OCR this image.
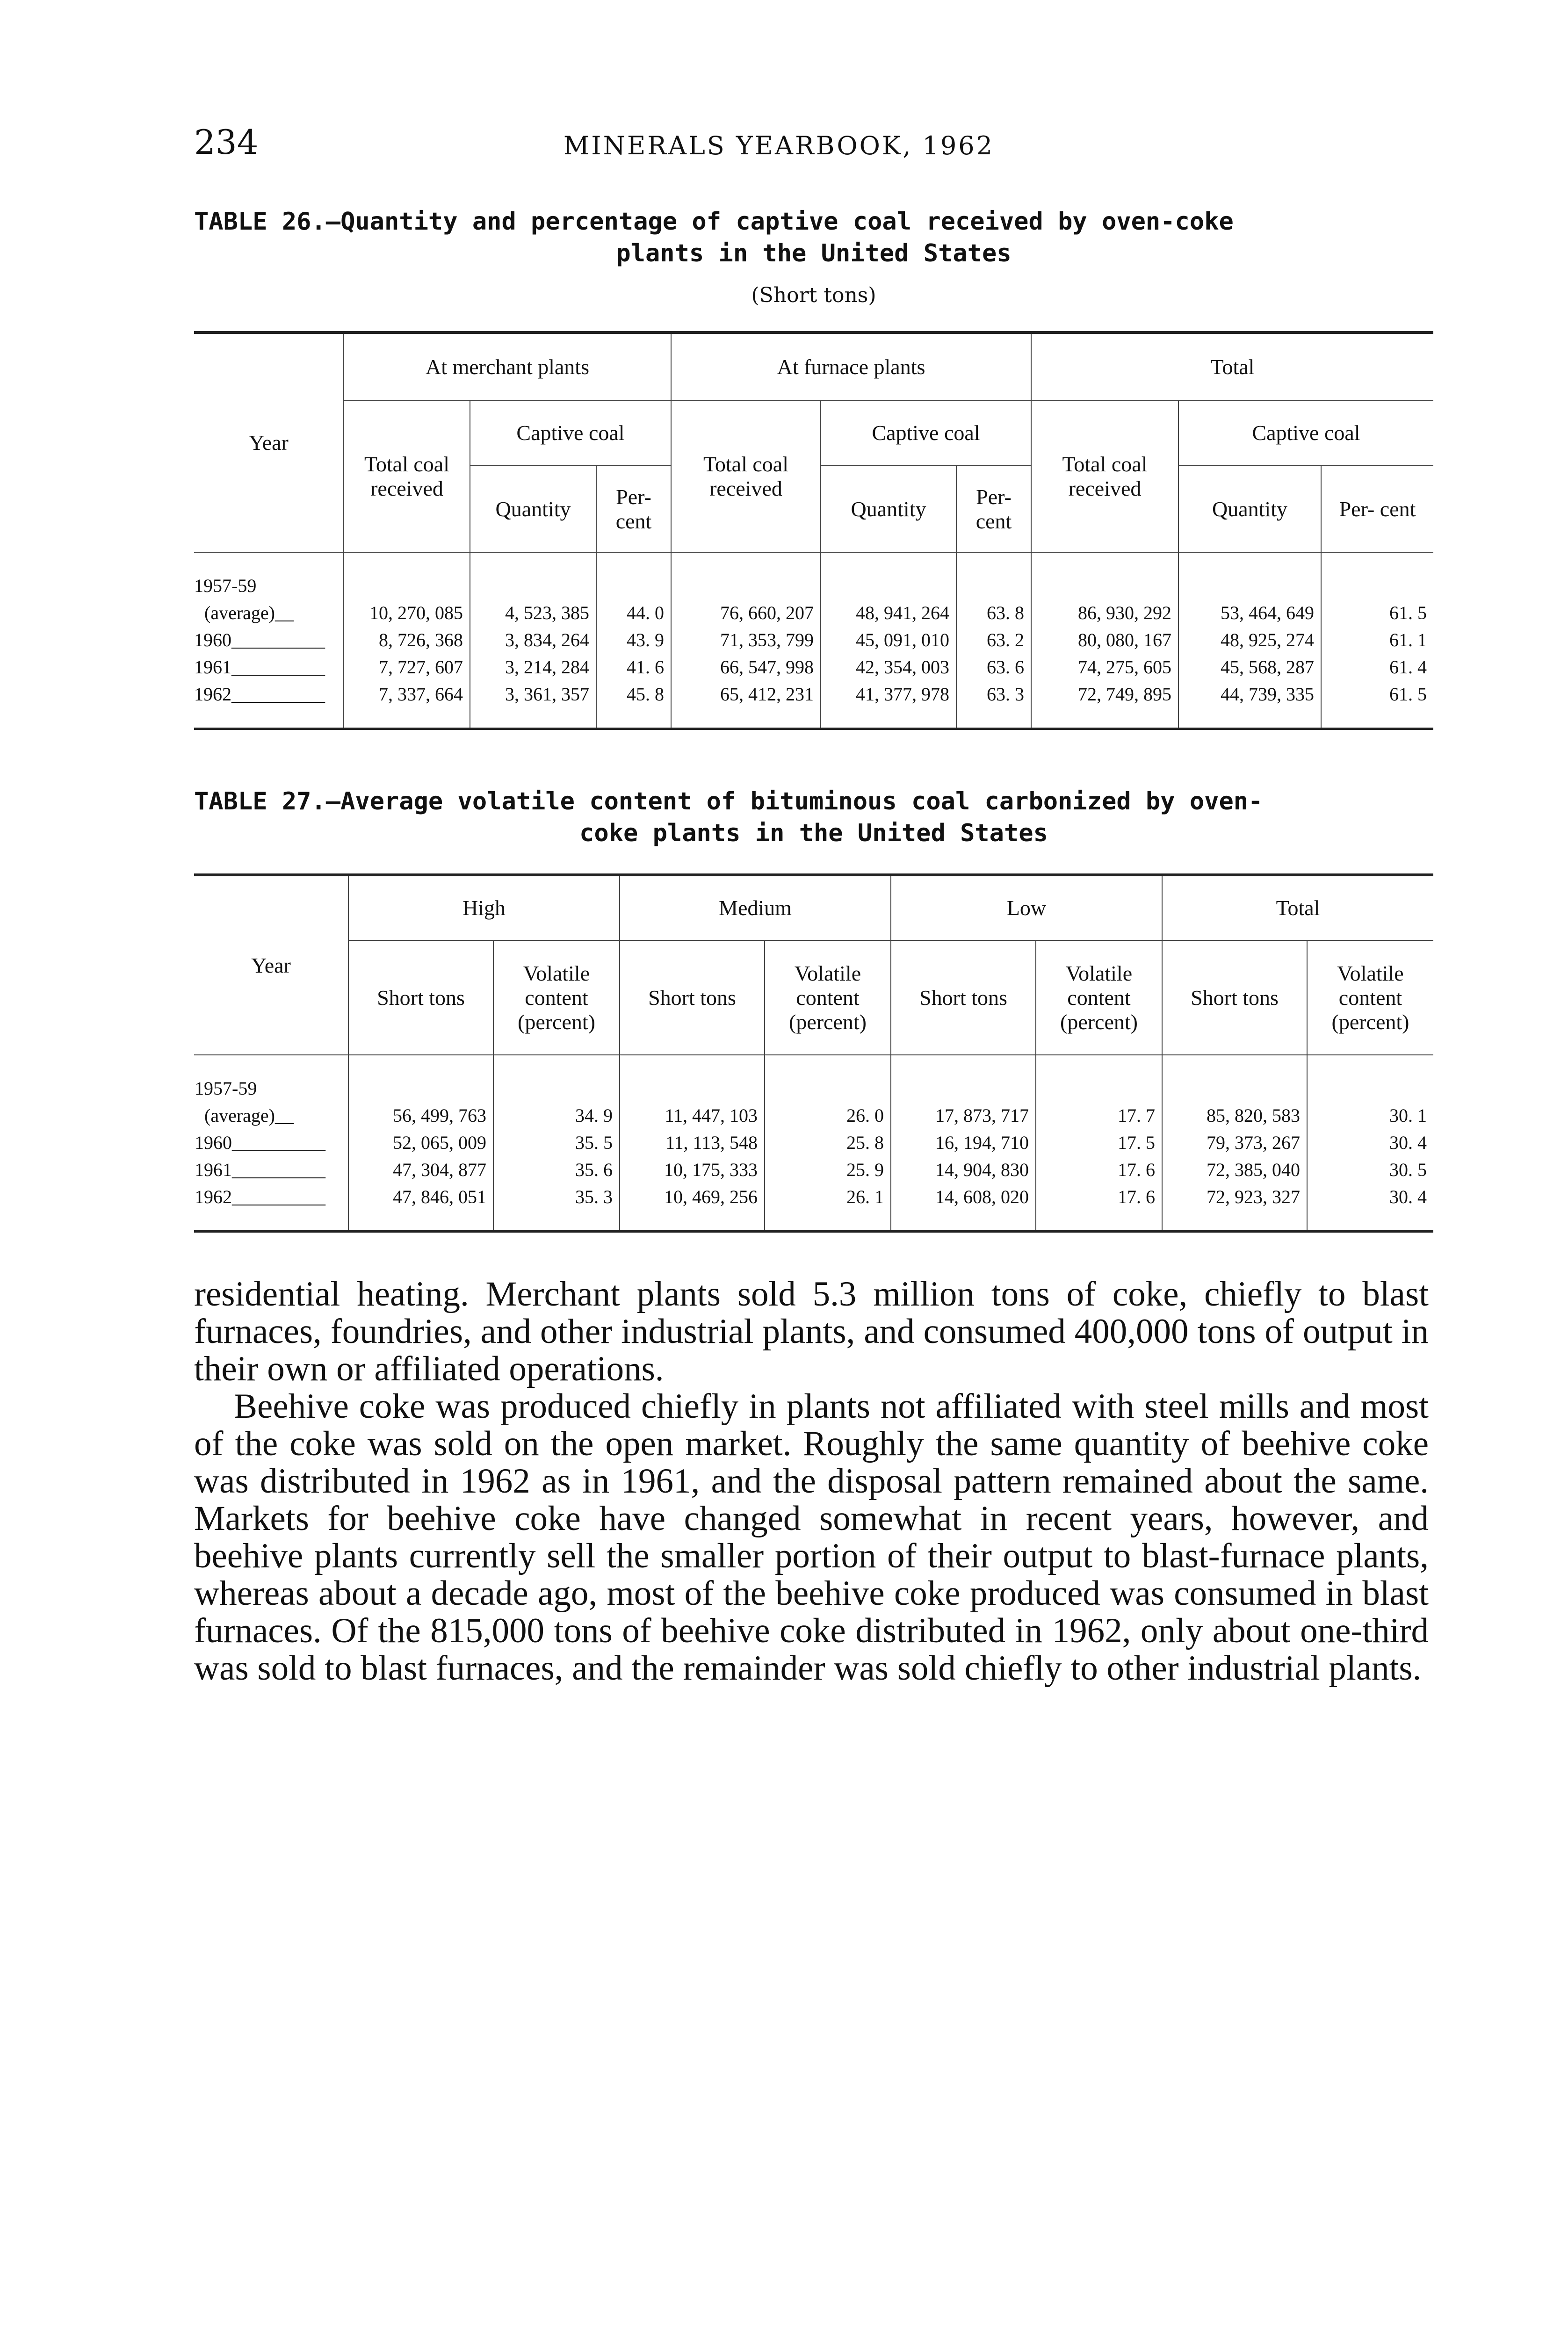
234	MINERALS YEARBOOK, 1962
TABLE 26.—Quantity and percentage of captive coal received by oven-coke
plants in the United States
(Short tons)
Year	At merchant plants			At furnace plants			Total		
	Total coal received	Captive coal		Total coal received	Captive coal		Total coal received	Captive coal	
		Quantity	Per- cent		Quantity	Per- cent		Quantity	Per- cent

1957-59									
(average)__	10, 270, 085	4, 523, 385	44. 0	76, 660, 207	48, 941, 264	63. 8	86, 930, 292	53, 464, 649	61. 5
1960__________	8, 726, 368	3, 834, 264	43. 9	71, 353, 799	45, 091, 010	63. 2	80, 080, 167	48, 925, 274	61. 1
1961__________	7, 727, 607	3, 214, 284	41. 6	66, 547, 998	42, 354, 003	63. 6	74, 275, 605	45, 568, 287	61. 4
1962__________	7, 337, 664	3, 361, 357	45. 8	65, 412, 231	41, 377, 978	63. 3	72, 749, 895	44, 739, 335	61. 5

TABLE 27.—Average volatile content of bituminous coal carbonized by oven-
coke plants in the United States
Year	High		Medium		Low		Total	
	Short tons	Volatile content (percent)	Short tons	Volatile content (percent)	Short tons	Volatile content (percent)	Short tons	Volatile content (percent)

1957-59								
(average)__	56, 499, 763	34. 9	11, 447, 103	26. 0	17, 873, 717	17. 7	85, 820, 583	30. 1
1960__________	52, 065, 009	35. 5	11, 113, 548	25. 8	16, 194, 710	17. 5	79, 373, 267	30. 4
1961__________	47, 304, 877	35. 6	10, 175, 333	25. 9	14, 904, 830	17. 6	72, 385, 040	30. 5
1962__________	47, 846, 051	35. 3	10, 469, 256	26. 1	14, 608, 020	17. 6	72, 923, 327	30. 4

residential heating. Merchant plants sold 5.3 million tons of coke, chiefly to blast furnaces, foundries, and other industrial plants, and consumed 400,000 tons of output in their own or affiliated operations.

Beehive coke was produced chiefly in plants not affiliated with steel mills and most of the coke was sold on the open market. Roughly the same quantity of beehive coke was distributed in 1962 as in 1961, and the disposal pattern remained about the same. Markets for beehive coke have changed somewhat in recent years, however, and beehive plants currently sell the smaller portion of their output to blast-furnace plants, whereas about a decade ago, most of the beehive coke produced was consumed in blast furnaces. Of the 815,000 tons of beehive coke distributed in 1962, only about one-third was sold to blast furnaces, and the remainder was sold chiefly to other industrial plants.
